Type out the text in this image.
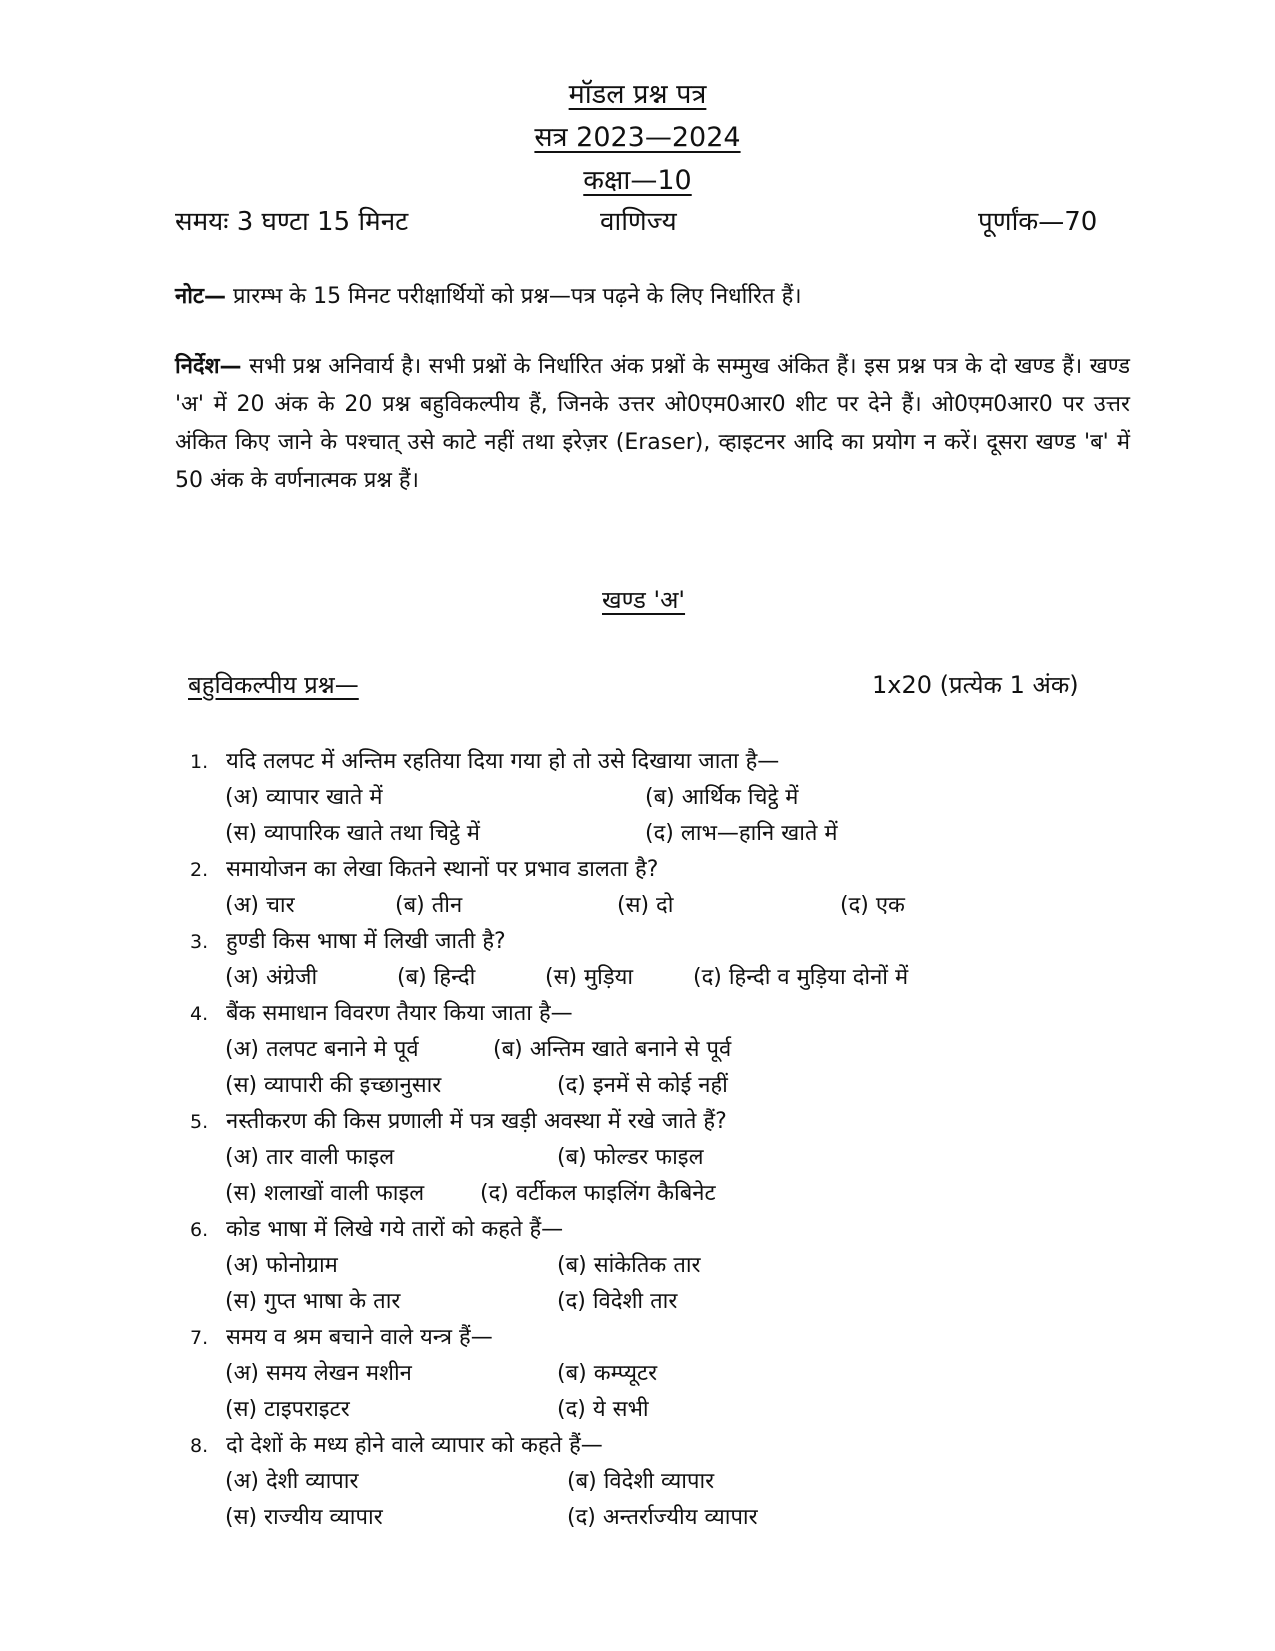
मॉडल प्रश्न पत्र
सत्र 2023—2024
कक्षा—10
समयः 3 घण्टा 15 मिनट	वाणिज्य	पूर्णांक—70
नोट— प्रारम्भ के 15 मिनट परीक्षार्थियों को प्रश्न—पत्र पढ़ने के लिए निर्धारित हैं।
निर्देश— सभी प्रश्न अनिवार्य है। सभी प्रश्नों के निर्धारित अंक प्रश्नों के सम्मुख अंकित हैं। इस प्रश्न पत्र के दो खण्ड हैं। खण्ड 'अ' में 20 अंक के 20 प्रश्न बहुविकल्पीय हैं, जिनके उत्तर ओ0एम0आर0 शीट पर देने हैं। ओ0एम0आर0 पर उत्तर अंकित किए जाने के पश्चात् उसे काटे नहीं तथा इरेज़र (Eraser), व्हाइटनर आदि का प्रयोग न करें। दूसरा खण्ड 'ब' में 50 अंक के वर्णनात्मक प्रश्न हैं।
खण्ड 'अ'
बहुविकल्पीय प्रश्न—	1x20 (प्रत्येक 1 अंक)
1. यदि तलपट में अन्तिम रहतिया दिया गया हो तो उसे दिखाया जाता है—
(अ) व्यापार खाते में	(ब) आर्थिक चिट्ठे में
(स) व्यापारिक खाते तथा चिट्ठे में	(द) लाभ—हानि खाते में
2. समायोजन का लेखा कितने स्थानों पर प्रभाव डालता है?
(अ) चार	(ब) तीन	(स) दो	(द) एक
3. हुण्डी किस भाषा में लिखी जाती है?
(अ) अंग्रेजी	(ब) हिन्दी	(स) मुड़िया	(द) हिन्दी व मुड़िया दोनों में
4. बैंक समाधान विवरण तैयार किया जाता है—
(अ) तलपट बनाने मे पूर्व	(ब) अन्तिम खाते बनाने से पूर्व
(स) व्यापारी की इच्छानुसार	(द) इनमें से कोई नहीं
5. नस्तीकरण की किस प्रणाली में पत्र खड़ी अवस्था में रखे जाते हैं?
(अ) तार वाली फाइल	(ब) फोल्डर फाइल
(स) शलाखों वाली फाइल	(द) वर्टीकल फाइलिंग कैबिनेट
6. कोड भाषा में लिखे गये तारों को कहते हैं—
(अ) फोनोग्राम	(ब) सांकेतिक तार
(स) गुप्त भाषा के तार	(द) विदेशी तार
7. समय व श्रम बचाने वाले यन्त्र हैं—
(अ) समय लेखन मशीन	(ब) कम्प्यूटर
(स) टाइपराइटर	(द) ये सभी
8. दो देशों के मध्य होने वाले व्यापार को कहते हैं—
(अ) देशी व्यापार	(ब) विदेशी व्यापार
(स) राज्यीय व्यापार	(द) अन्तर्राज्यीय व्यापार
